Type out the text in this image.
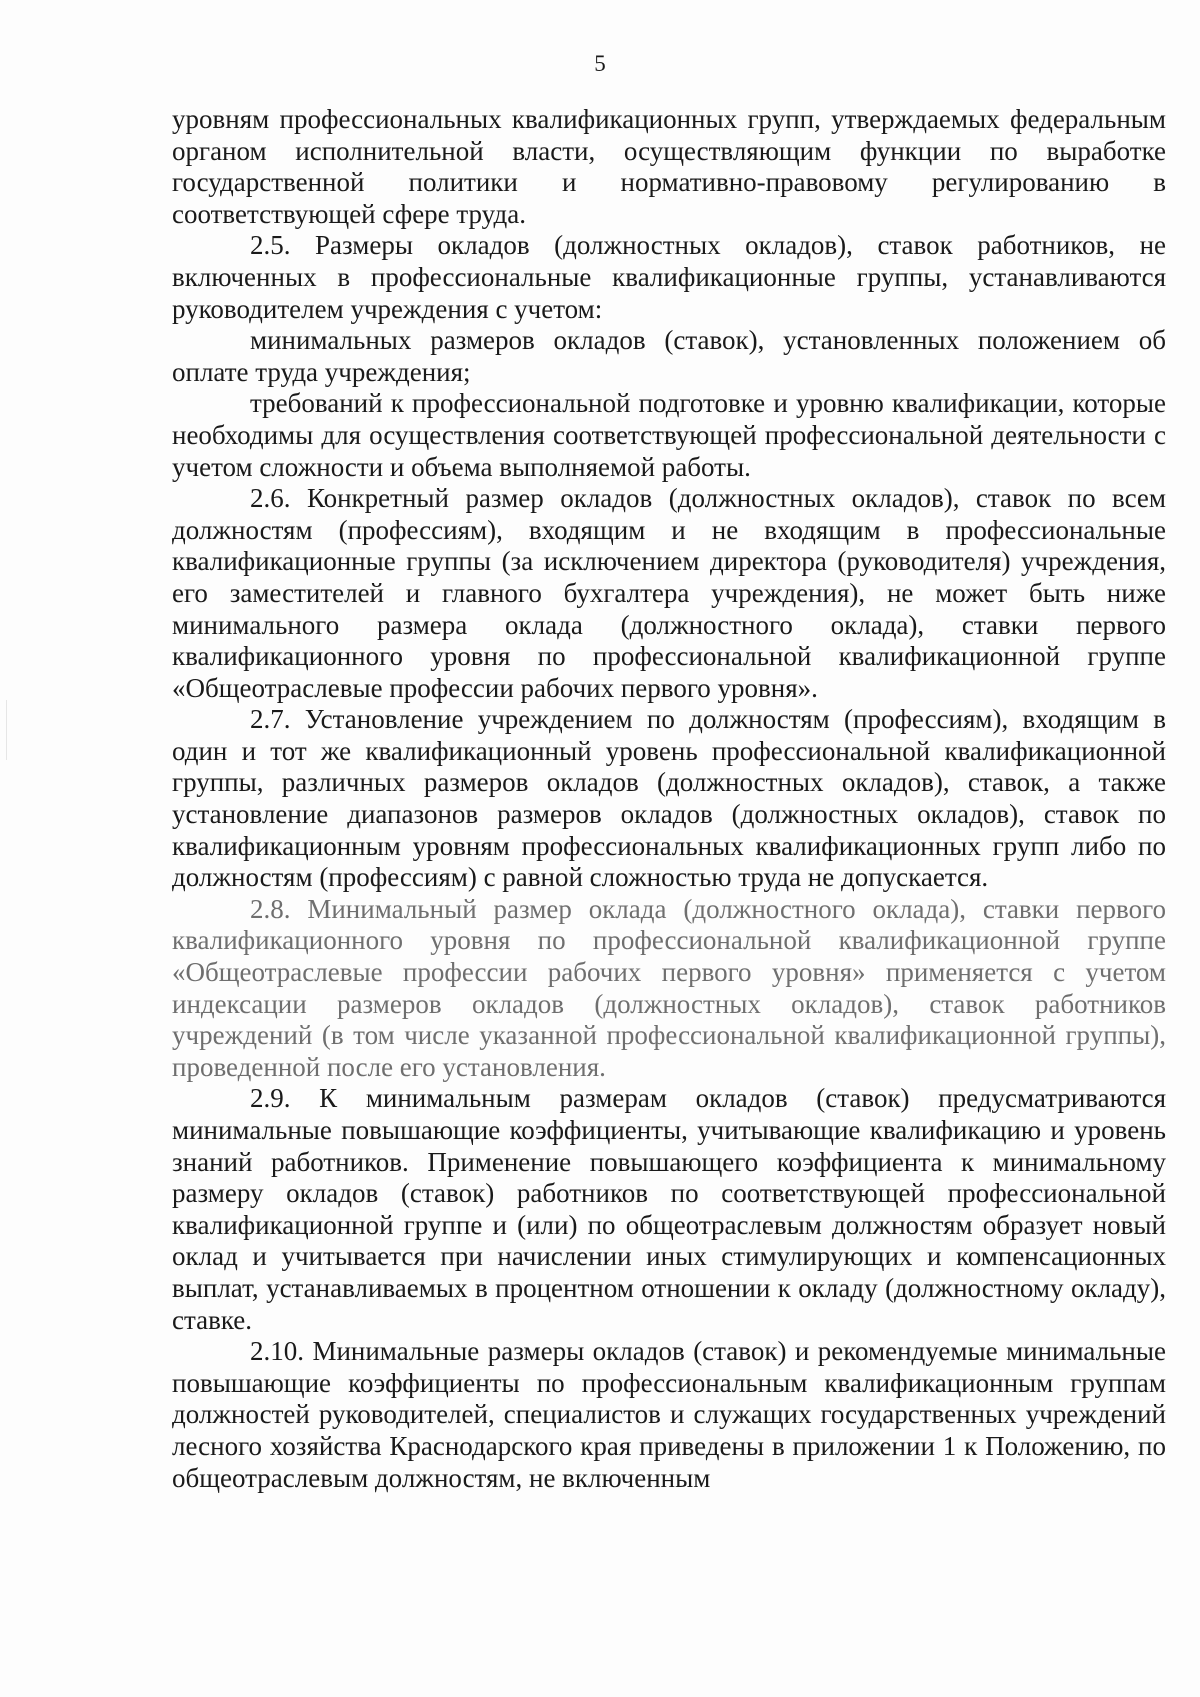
5

уровням профессиональных квалификационных групп, утверждаемых федеральным органом исполнительной власти, осуществляющим функции по выработке государственной политики и нормативно-правовому регулированию в соответствующей сфере труда.

2.5. Размеры окладов (должностных окладов), ставок работников, не включенных в профессиональные квалификационные группы, устанавливаются руководителем учреждения с учетом:

минимальных размеров окладов (ставок), установленных положением об оплате труда учреждения;

требований к профессиональной подготовке и уровню квалификации, которые необходимы для осуществления соответствующей профессиональной деятельности с учетом сложности и объема выполняемой работы.

2.6. Конкретный размер окладов (должностных окладов), ставок по всем должностям (профессиям), входящим и не входящим в профессиональные квалификационные группы (за исключением директора (руководителя) учреждения, его заместителей и главного бухгалтера учреждения), не может быть ниже минимального размера оклада (должностного оклада), ставки первого квалификационного уровня по профессиональной квалификационной группе «Общеотраслевые профессии рабочих первого уровня».

2.7. Установление учреждением по должностям (профессиям), входящим в один и тот же квалификационный уровень профессиональной квалификационной группы, различных размеров окладов (должностных окладов), ставок, а также установление диапазонов размеров окладов (должностных окладов), ставок по квалификационным уровням профессиональных квалификационных групп либо по должностям (профессиям) с равной сложностью труда не допускается.

2.8. Минимальный размер оклада (должностного оклада), ставки первого квалификационного уровня по профессиональной квалификационной группе «Общеотраслевые профессии рабочих первого уровня» применяется с учетом индексации размеров окладов (должностных окладов), ставок работников учреждений (в том числе указанной профессиональной квалификационной группы), проведенной после его установления.

2.9. К минимальным размерам окладов (ставок) предусматриваются минимальные повышающие коэффициенты, учитывающие квалификацию и уровень знаний работников. Применение повышающего коэффициента к минимальному размеру окладов (ставок) работников по соответствующей профессиональной квалификационной группе и (или) по общеотраслевым должностям образует новый оклад и учитывается при начислении иных стимулирующих и компенсационных выплат, устанавливаемых в процентном отношении к окладу (должностному окладу), ставке.

2.10. Минимальные размеры окладов (ставок) и рекомендуемые минимальные повышающие коэффициенты по профессиональным квалификационным группам должностей руководителей, специалистов и служащих государственных учреждений лесного хозяйства Краснодарского края приведены в приложении 1 к Положению, по общеотраслевым должностям, не включенным
